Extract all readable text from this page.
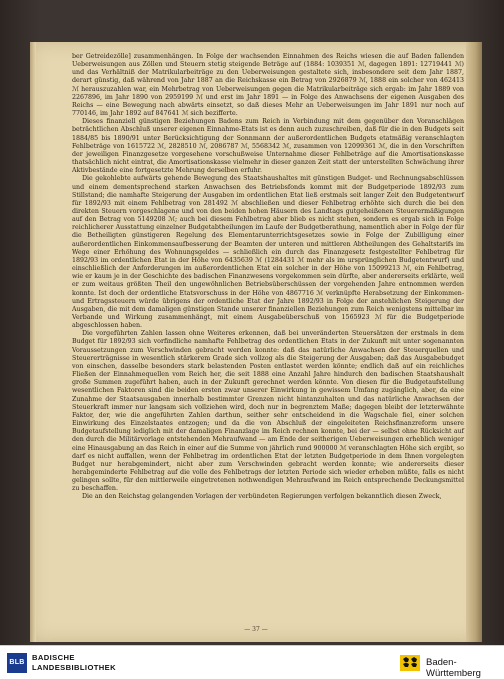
ber Getreidezölle] zusammenhängen. In Folge der wachsenden Einnahmen des Reichs wiesen die auf Baden fallenden Ueberweisungen aus Zöllen und Steuern stetig steigende Beträge auf (1884: 1039351 ℳ, dagegen 1891: 12719441 ℳ) und das Verhältniß der Matrikularbeiträge zu den Ueberweisungen gestaltete sich, insbesondere seit dem Jahr 1887, derart günstig, daß während von Jahr 1887 an die Reichskasse ein Betrag von 2926879 ℳ, 1888 ein solcher von 462413 ℳ herauszuzahlen war, ein Mehrbetrag von Ueberweisungen gegen die Matrikularbeiträge sich ergab: im Jahr 1889 von 2267896, im Jahr 1890 von 2959199 ℳ und erst im Jahr 1891 — in Folge des Anwachsens der eigenen Ausgaben des Reichs — eine Bewegung nach abwärts einsetzt, so daß dieses Mehr an Ueberweisungen im Jahr 1891 nur noch auf 770146, im Jahr 1892 auf 847641 ℳ sich bezifferte.

Dieses finanziell günstigen Beziehungen Badens zum Reich in Verbindung mit dem gegenüber den Voranschlägen beträchtlichen Abschluß unserer eigenen Einnahme-Etats ist es denn auch zuzuschreiben, daß für die in den Budgets seit 1884/85 bis 1890/91 unter Berücksichtigung der Sonnmann der außerordentlichen Budgets etatmäßig veranschlagten Fehlbeträge von 1615722 ℳ, 2828510 ℳ, 2086787 ℳ, 5568342 ℳ, zusammen von 12099361 ℳ, die in den Vorschriften der jeweiligen Finanzgesetze vorgesehene vorschußweise Unternahme dieser Fehlbeträge auf die Amortisationskasse thatsächlich nicht eintrat, die Amortisationskasse vielmehr in dieser ganzen Zeit statt der unterstellten Schwächung ihrer Aktivbestände eine fortgesetzte Mehrung derselben erfuhr.

Die gekohlebte aufwärts gehende Bewegung des Staatshaushaltes mit günstigen Budget- und Rechnungsabschlüssen und einem dementsprechend starken Anwachsen des Betriebsfonds kommt mit der Budgetperiode 1892/93 zum Stillstand; die namhafte Steigerung der Ausgaben im ordentlichen Etat ließ erstmals seit langer Zeit den Budgetentwurf für 1892/93 mit einem Fehlbetrag von 281492 ℳ abschließen und dieser Fehlbetrag erhöhte sich durch die bei den direkten Steuern vorgeschlagene und von den beiden hohen Häusern des Landtags gutgeheißenen Steuerermäßigungen auf den Betrag von 5149208 ℳ; auch bei diesem Fehlbetrag aber blieb es nicht stehen, sondern es ergab sich in Folge reichlicherer Ausstattung einzelner Budgetabtheilungen im Laufe der Budgetberathung, namentlich aber in Folge der für die Betheiligten günstigeren Regelung des Elementarunterrichtsgesetzes sowie in Folge der Zubilligung einer außerordentlichen Einkommensaufbesserung der Beamten der unteren und mittleren Abtheilungen des Gehaltstarifs im Wege einer Erhöhung des Wohnungsgeldes — schließlich ein durch das Finanzgesetz festgestellter Fehlbetrag für 1892/93 im ordentlichen Etat in der Höhe von 6435639 ℳ (1284431 ℳ mehr als im ursprünglichen Budgetentwurf) und einschließlich der Anforderungen im außerordentlichen Etat ein solcher in der Höhe von 15099213 ℳ, ein Fehlbetrag, wie er kaum je in der Geschichte des badischen Finanzwesens vorgekommen sein dürfte, aber andererseits erklärte, weil er zum weitaus größten Theil den ungewöhnlichen Betriebsüberschüssen der vorgehenden Jahre entnommen werden konnte. Ist doch der ordentliche Etatsvorschuss in der Höhe von 4867716 ℳ verknüpfte Herabsetzung der Einkommen- und Ertragssteuern würde übrigens der ordentliche Etat der Jahre 1892/93 in Folge der anstehlichen Steigerung der Ausgaben, die mit dem damaligen günstigen Stande unserer finanziellen Beziehungen zum Reich wenigstens mittelbar im Verbande und Wirkung zusammenhängt, mit einem Ausgabeüberschuß von 1565923 ℳ für die Budgetperiode abgeschlossen haben.

Die vorgeführten Zahlen lassen ohne Weiteres erkennen, daß bei unveränderten Steuersätzen der erstmals in dem Budget für 1892/93 sich vorfindliche namhafte Fehlbetrag des ordentlichen Etats in der Zukunft mit unter sogenannten Voraussetzungen zum Verschwinden gebracht werden konnte: daß das natürliche Anwachsen der Steuerquellen und Steuererträgnisse in wesentlich stärkerem Grade sich vollzog als die Steigerung der Ausgaben; daß das Ausgabebudget von einschen, dasselbe besonders stark belastenden Posten entlastet werden könnte; endlich daß auf ein reichliches Fließen der Einnahmequellen vom Reich her, die seit 1888 eine Anzahl Jahre hindurch den badischen Staatshaushalt große Summen zugeführt haben, auch in der Zukunft gerechnet werden könnte. Von diesen für die Budgetaufstellung wesentlichen Faktoren sind die beiden ersten zwar unserer Einwirkung in gewissem Umfang zugänglich, aber, da eine Zunahme der Staatsausgaben innerhalb bestimmter Grenzen nicht hintanzuhalten und das natürliche Anwachsen der Steuerkraft immer nur langsam sich vollziehen wird, doch nur in begrenztem Maße; dagegen bleibt der letzterwähnte Faktor, der, wie die angeführten Zahlen darthun, seither sehr entscheidend in die Wagschale fiel, einer solchen Einwirkung des Einzelstaates entzogen; und da die von Abschluß der eingeleiteten Reichsfinanzreform unsere Budgetaufstellung lediglich mit der damaligen Finanzlage im Reich rechnen konnte, bei der — selbst ohne Rücksicht auf den durch die Militärvorlage entstehenden Mehraufwand — am Ende der seitherigen Ueberweisungen erheblich weniger eine Hinausgabung an das Reich in einer auf die Summe von jährlich rund 900000 ℳ veranschlagten Höhe sich ergibt, so darf es nicht auffallen, wenn der Fehlbetrag im ordentlichen Etat der letzten Budgetperiode in dem Ihnen vorgelegten Budget nur herabgemindert, nicht aber zum Verschwinden gebracht werden konnte; wie andererseits dieser herabgeminderte Fehlbetrag auf die volle des Fehlbetrags der letzten Periode sich wieder erheben müßte, falls es nicht gelingen sollte, für den mittlerweile eingetretenen nothwendigen Mehraufwand im Reich entsprechende Deckungsmittel zu beschaffen.

Die an den Reichstag gelangenden Vorlagen der verbündeten Regierungen verfolgen bekanntlich diesen Zweck,

— 37 —
BLB
BADISCHE
LANDESBIBLIOTHEK	Baden-Württemberg
